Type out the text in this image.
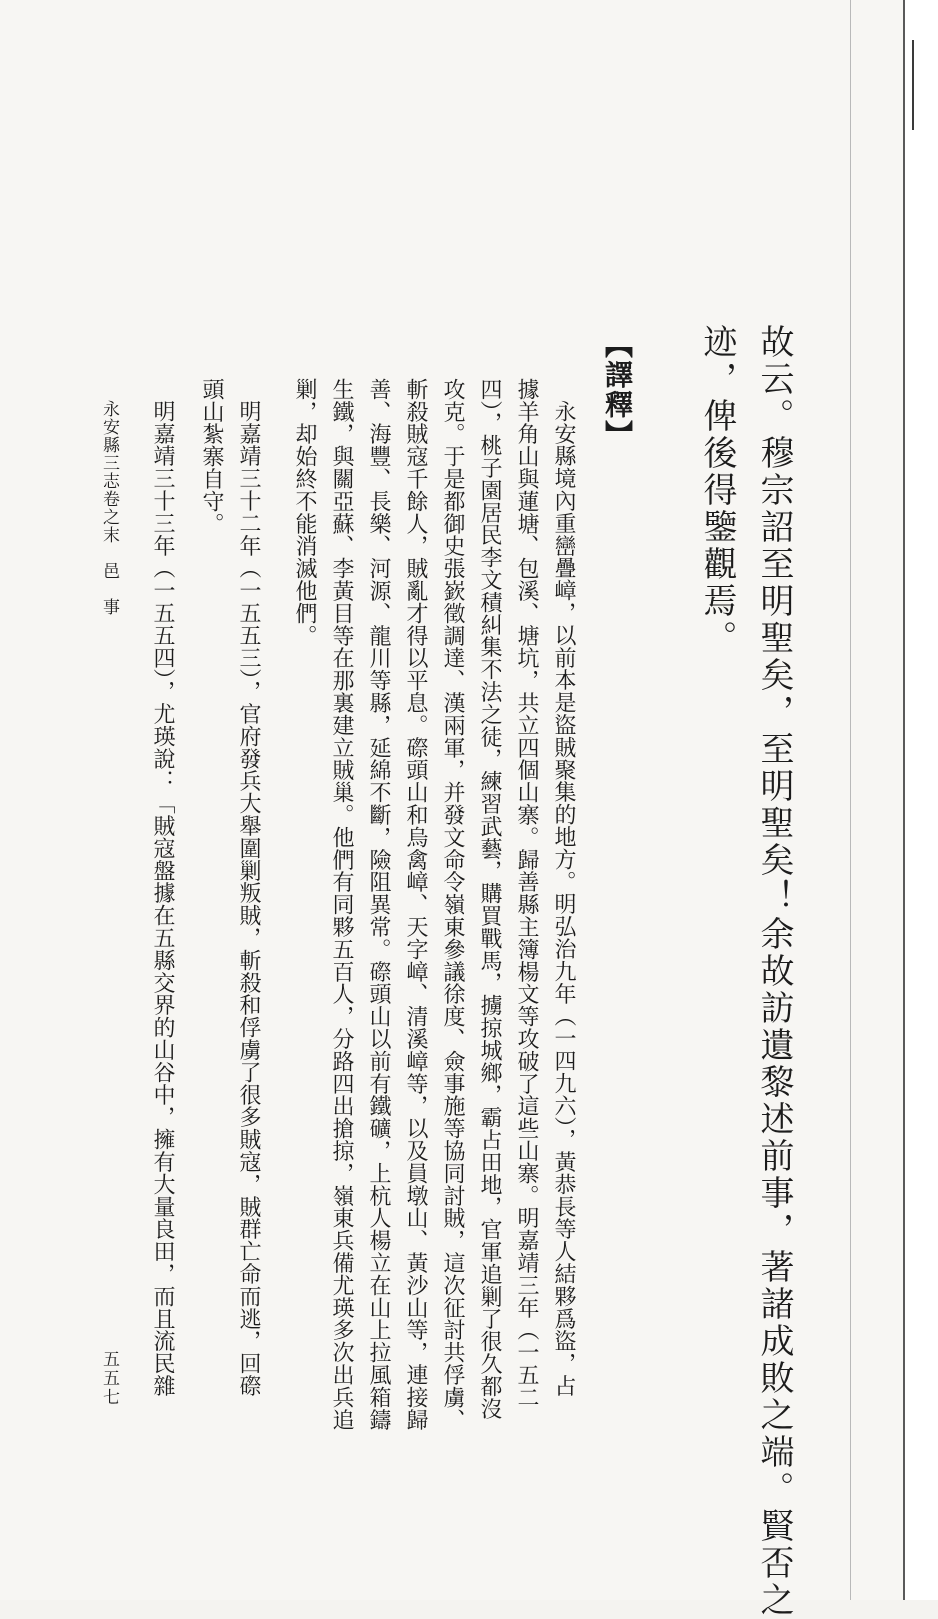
故云。穆宗詔至明聖矣，至明聖矣！余故訪遺黎述前事，著諸成敗之端。賢否之
迹，俾後得鑒觀焉。
【譯釋】
永安縣境內重巒疊嶂，以前本是盜賊聚集的地方。明弘治九年（一四九六），黃恭長等人結夥爲盜，占
據羊角山與蓮塘、包溪、塘坑，共立四個山寨。歸善縣主簿楊文等攻破了這些山寨。明嘉靖三年（一五二
四），桃子園居民李文積糾集不法之徒，練習武藝，購買戰馬，擄掠城鄉，霸占田地，官軍追剿了很久都沒
攻克。于是都御史張嶔徵調達、漢兩軍，并發文命令嶺東參議徐度、僉事施等協同討賊，這次征討共俘虜、
斬殺賊寇千餘人，賊亂才得以平息。磜頭山和烏禽嶂、天字嶂、清溪嶂等，以及員墩山、黃沙山等，連接歸
善、海豐、長樂、河源、龍川等縣，延綿不斷，險阻異常。磜頭山以前有鐵礦，上杭人楊立在山上拉風箱鑄
生鐵，與關亞蘇、李黃目等在那裏建立賊巢。他們有同夥五百人，分路四出搶掠，嶺東兵備尤瑛多次出兵追
剿，却始終不能消滅他們。
明嘉靖三十二年（一五五三），官府發兵大舉圍剿叛賊，斬殺和俘虜了很多賊寇，賊群亡命而逃，回磜
頭山紮寨自守。
明嘉靖三十三年（一五五四），尤瑛說：「賊寇盤據在五縣交界的山谷中，擁有大量良田，而且流民雜
永安縣三志卷之末　邑　事
五五七
